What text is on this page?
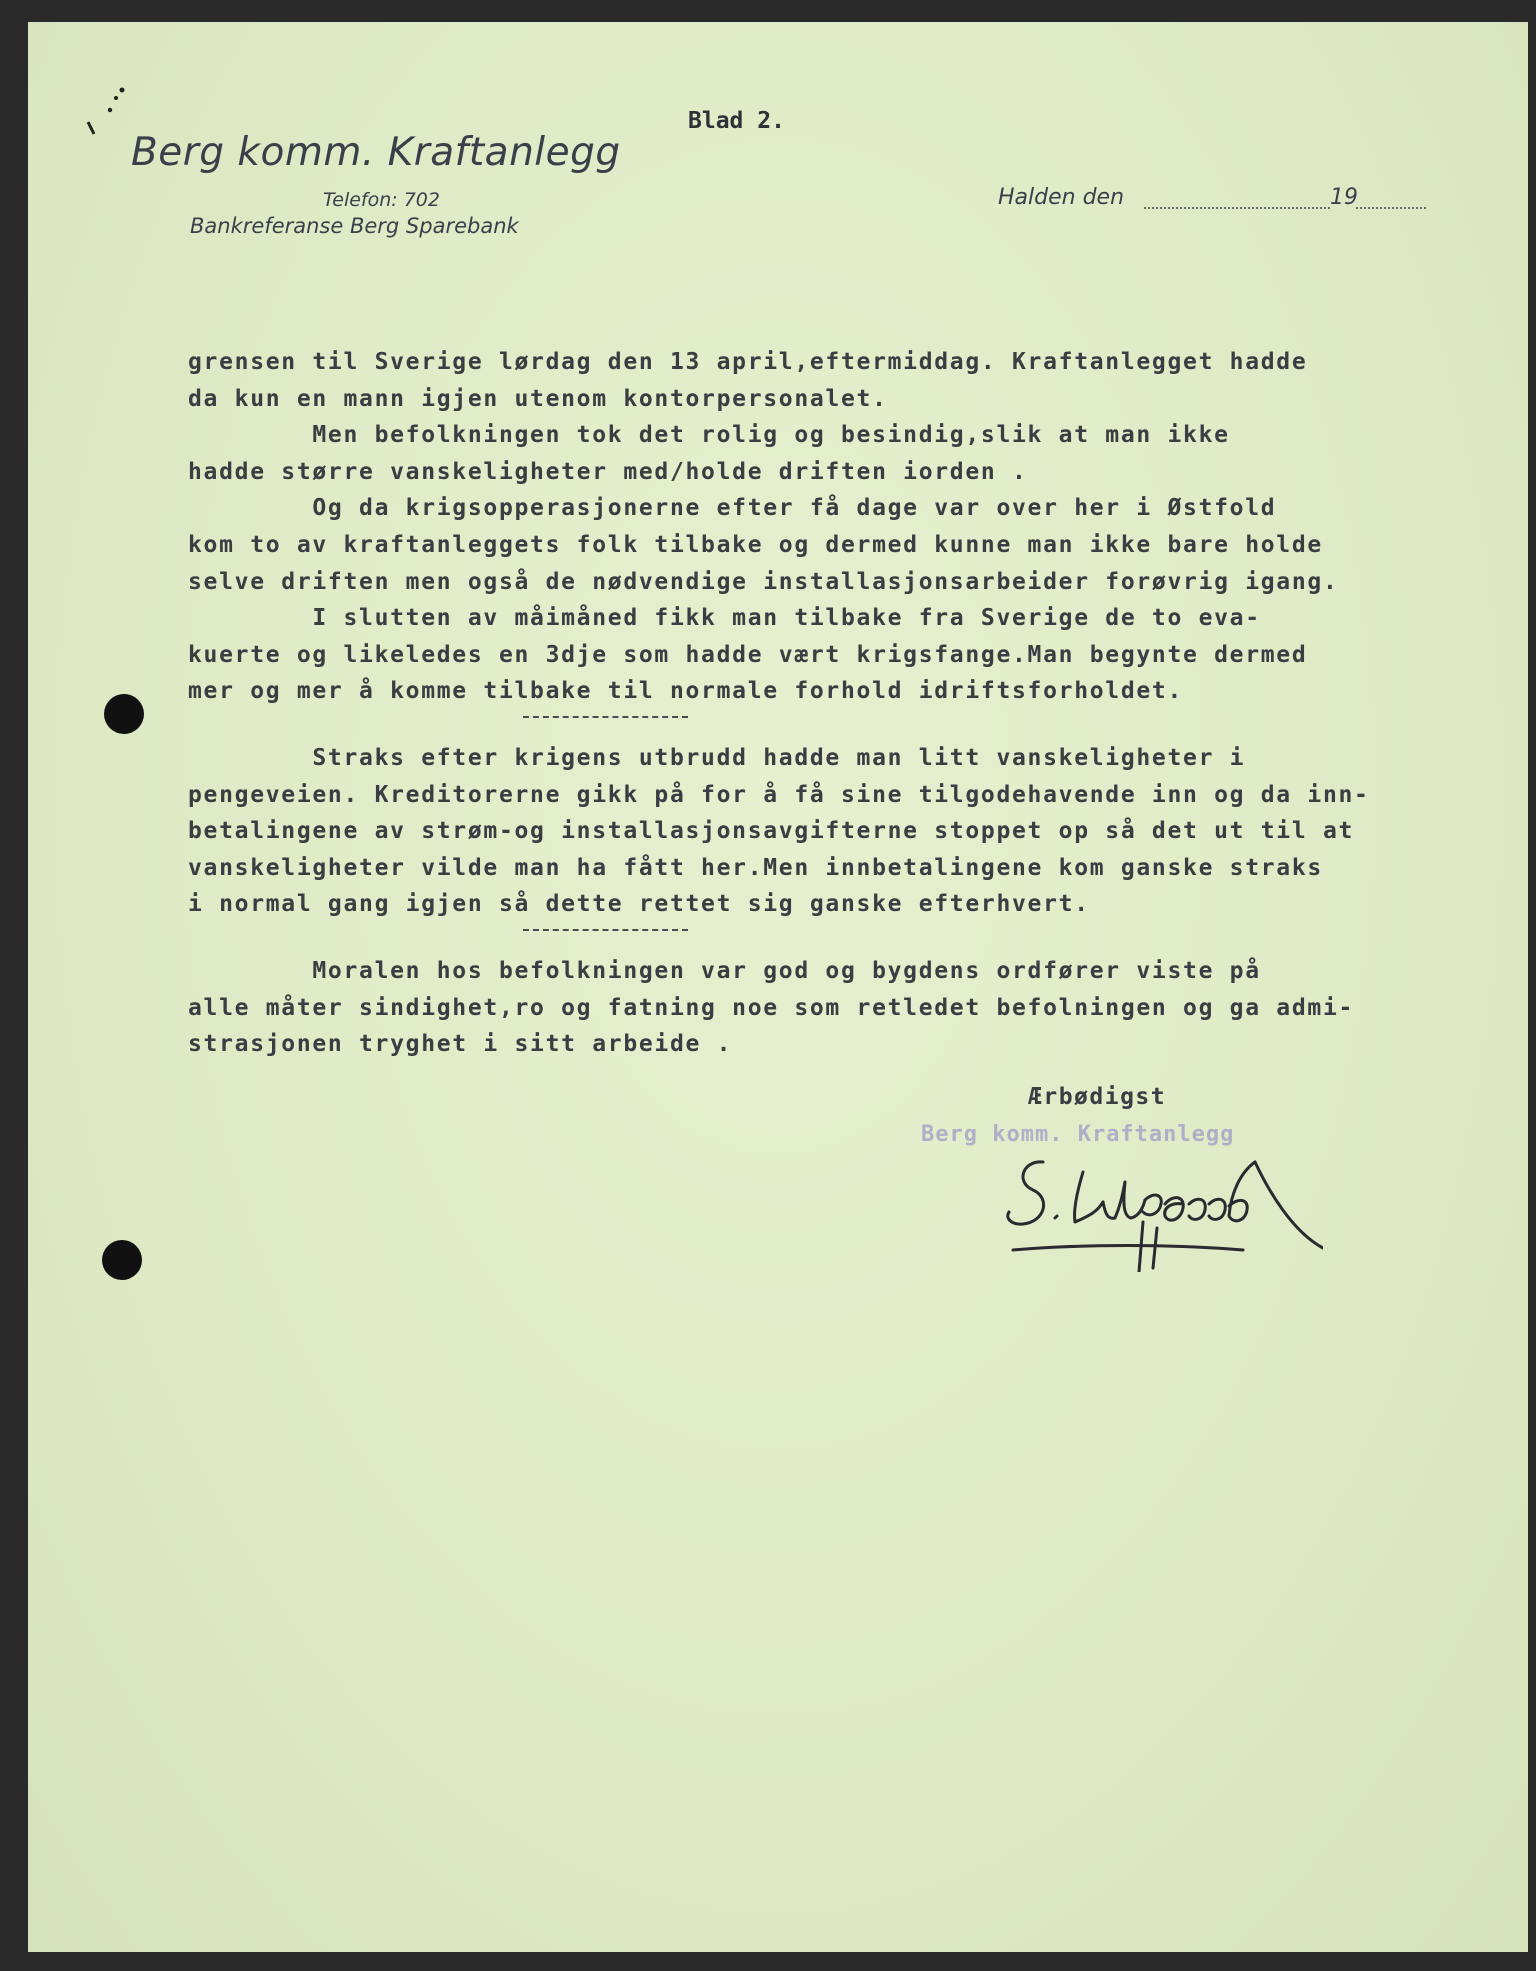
Berg komm. Kraftanlegg
Telefon: 702
Bankreferanse Berg Sparebank
Blad 2.
Halden den	19
grensen til Sverige lørdag den 13 april,eftermiddag. Kraftanlegget hadde
da kun en mann igjen utenom kontorpersonalet.
Men befolkningen tok det rolig og besindig,slik at man ikke
hadde større vanskeligheter med/holde driften iorden .
Og da krigsopperasjonerne efter få dage var over her i Østfold
kom to av kraftanleggets folk tilbake og dermed kunne man ikke bare holde
selve driften men også de nødvendige installasjonsarbeider forøvrig igang.
I slutten av måimåned fikk man tilbake fra Sverige de to eva-
kuerte og likeledes en 3dje som hadde vært krigsfange.Man begynte dermed
mer og mer å komme tilbake til normale forhold idriftsforholdet.
Straks efter krigens utbrudd hadde man litt vanskeligheter i
pengeveien. Kreditorerne gikk på for å få sine tilgodehavende inn og da inn-
betalingene av strøm-og installasjonsavgifterne stoppet op så det ut til at
vanskeligheter vilde man ha fått her.Men innbetalingene kom ganske straks
i normal gang igjen så dette rettet sig ganske efterhvert.
Moralen hos befolkningen var god og bygdens ordfører viste på
alle måter sindighet,ro og fatning noe som retledet befolningen og ga admi-
strasjonen tryghet i sitt arbeide .
Ærbødigst
Berg komm. Kraftanlegg
